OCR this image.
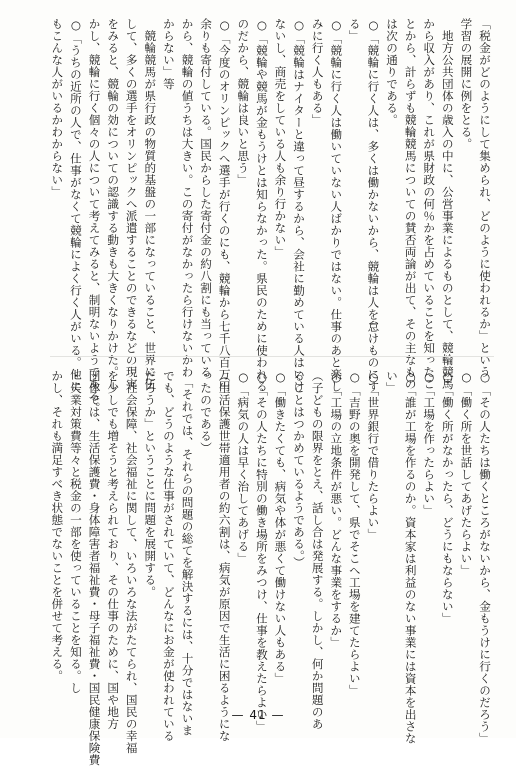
「税金がどのようにして集められ、どのように使われるか」という
学習の展開に例をとる。
　地方公共団体の歳入の中に、公営事業によるものとして、競輪競馬
から収入があり、これが県財政の何％かを占めていることを知ったこ
とから、計らずも競輪競馬についての賛否両論が出て、その主なもの
は次の通りである。
○「競輪に行く人は、多くは働かないから、競輪は人を怠けものにす
る」
○「競輪に行く人は働いていない人ばかりではない。仕事のあと楽し
みに行く人もある」
○「競輪はナイターと違って昼するから、会社に勤めている人はいけ
ないし、商売をしている人も余り行かない」
○「競輪や競馬が金もうけとは知らなかった。県民のために使われる
のだから、競輪は良いと思う」
○「今度のオリンピックへ選手が行くのにも、競輪から七千八百万円
余りも寄付している。国民からした寄付金の約八割にも当っている
から、競輪の値うちは大きい。この寄付がなかったら行けないかわ
からない」等
　競輪競馬が県行政の物質的基盤の一部になっていること、世界に伍
して、多くの選手をオリンピックへ派遣することのできるなどの現実
をみると、競輪の効についての認識する動きも大きくなりかけた。し
かし、競輪に行く個々の人について考えてみると、制明ないようである。
○「うちの近所の人で、仕事がなくて競輪によく行く人がいる。他に
もこんな人がいるかわからない」
○「その人たちは働くところがないから、金もうけに行くのだろう」
○「働く所を世話してあげたらよい」
○「働く所がなかったら、どうにもならない」
○「工場を作ったらよい」
○「誰が工場を作るのか。資本家は利益のない事業には資本を出さな
い」
○「世界銀行で借りたらよい」
○「吉野の奥を開発して、県でそこへ工場を建てたらよい」
○「工場の立地条件が悪い。どんな事業をするか」
（子どもの限界をとえ、話し合は発展する。しかし、何か問題のあ
ることはつかめているようである。）
○「働きたくても、病気や体が悪くて働けない人もある」
○「その人たちに特別の働き場所をみつけ、仕事を教えたらよい」
○「病気の人は早く治してあげる」
（生活保護世帯適用者の約六割は、病気が原因で生活に困るようにな
ったのである）
　「それでは、それらの問題の総てを解決するには、十分ではないま
でも、どうのような仕事がされていて、どんなにお金が使われている
だろうか」ということに問題を展開する。
　社会保障、社会福祉に関して、いろいろな法がたてられ、国民の幸福
を少しでも増そうと考えられており、その仕事のために、国や地方
団体では、生活保護費・身体障害者福祉費・母子福祉費・国民健康保険費
・失業対策費等々と税金の一部を使っていることを知る。し
かし、それも満足すべき状態でないことを併せて考える。
— 41 —
